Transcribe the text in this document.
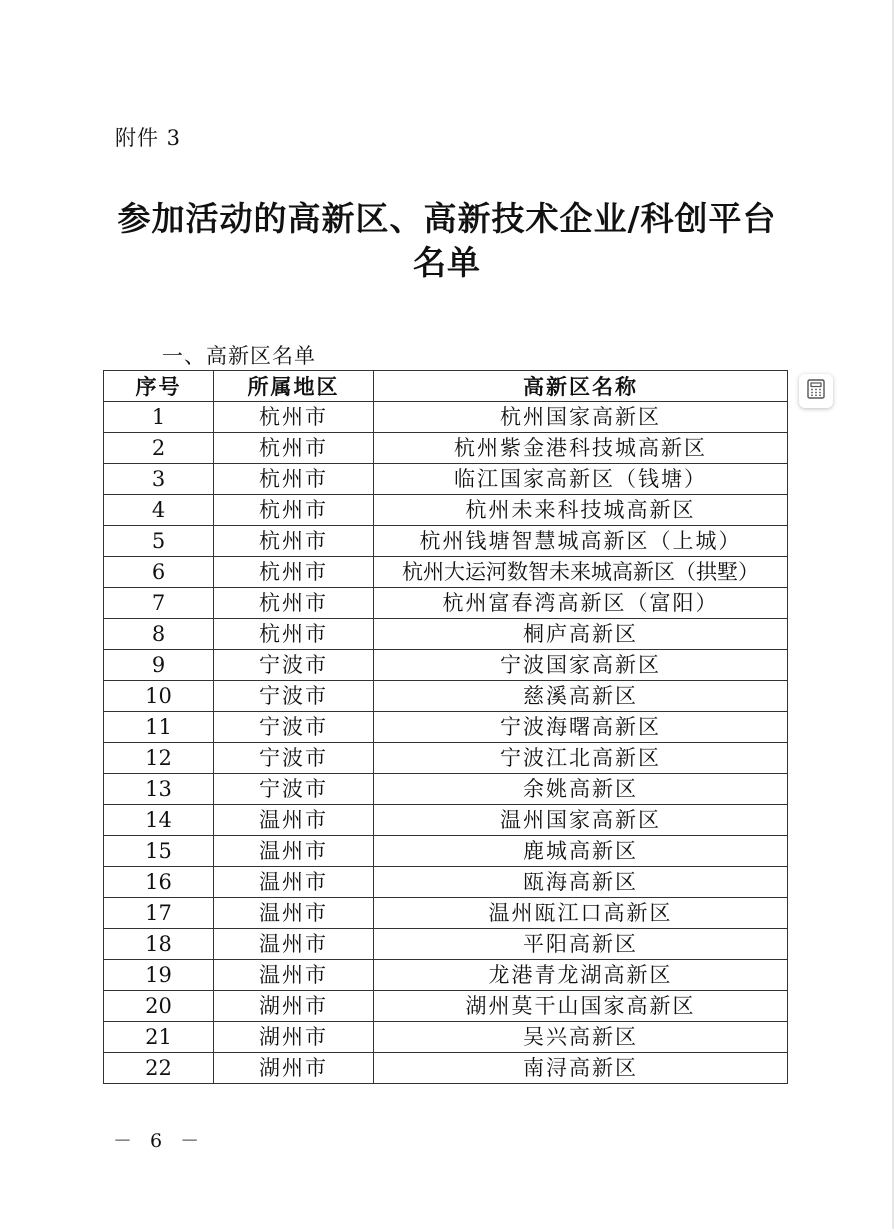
附件 3
参加活动的高新区、高新技术企业/科创平台
名单
一、高新区名单
序号	所属地区	高新区名称
1	杭州市	杭州国家高新区
2	杭州市	杭州紫金港科技城高新区
3	杭州市	临江国家高新区（钱塘）
4	杭州市	杭州未来科技城高新区
5	杭州市	杭州钱塘智慧城高新区（上城）
6	杭州市	杭州大运河数智未来城高新区（拱墅）
7	杭州市	杭州富春湾高新区（富阳）
8	杭州市	桐庐高新区
9	宁波市	宁波国家高新区
10	宁波市	慈溪高新区
11	宁波市	宁波海曙高新区
12	宁波市	宁波江北高新区
13	宁波市	余姚高新区
14	温州市	温州国家高新区
15	温州市	鹿城高新区
16	温州市	瓯海高新区
17	温州市	温州瓯江口高新区
18	温州市	平阳高新区
19	温州市	龙港青龙湖高新区
20	湖州市	湖州莫干山国家高新区
21	湖州市	吴兴高新区
22	湖州市	南浔高新区
－ 6 －
